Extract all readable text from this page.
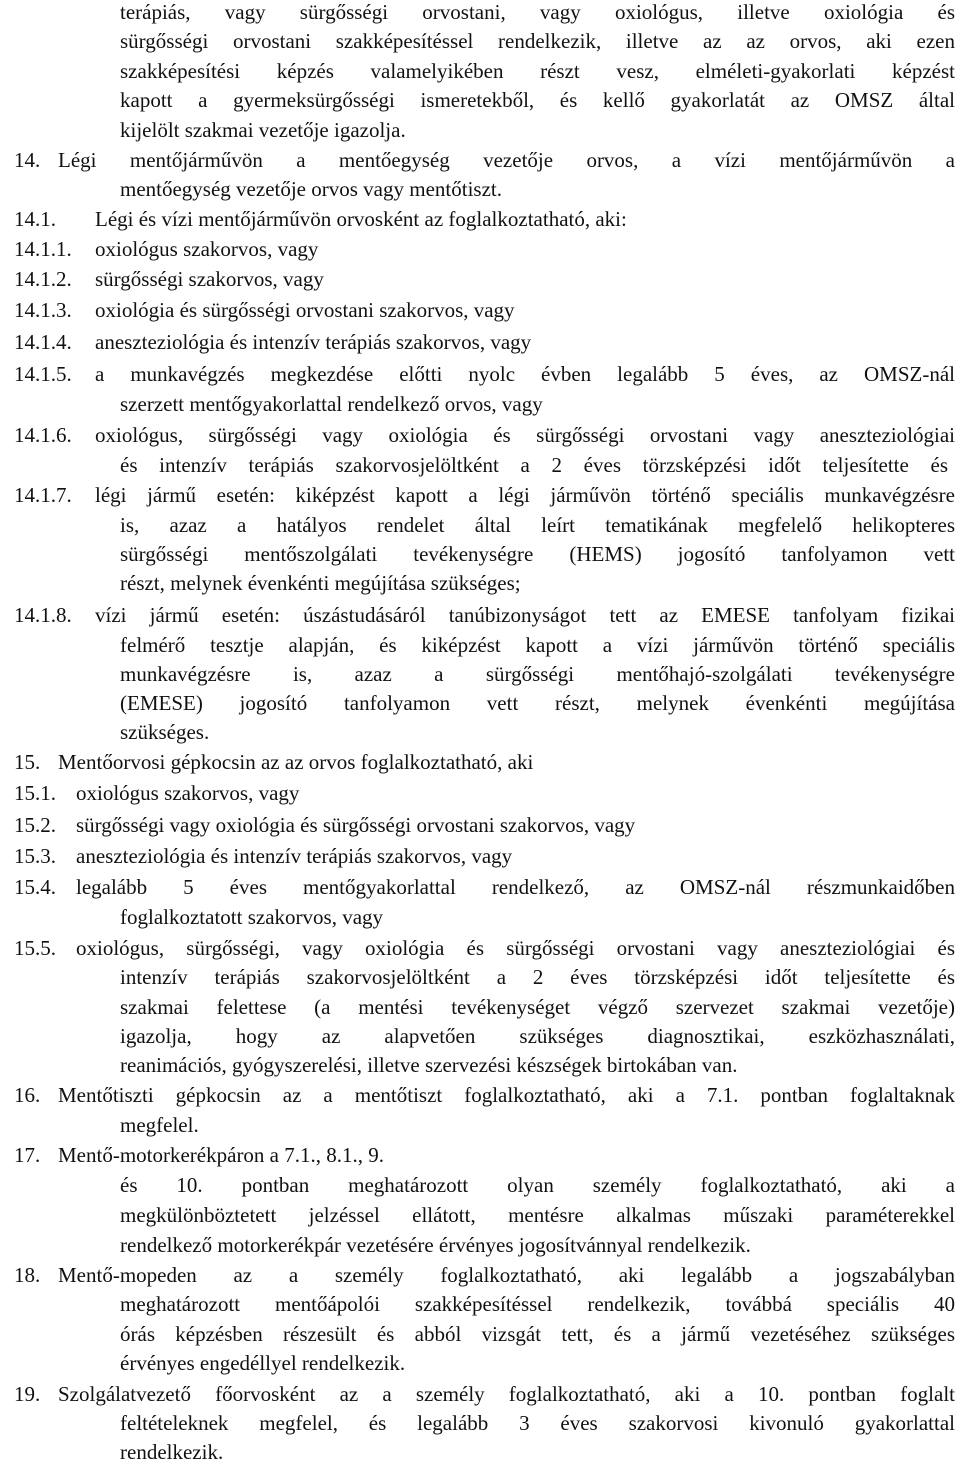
terápiás, vagy sürgősségi orvostani, vagy oxiológus, illetve oxiológia és
sürgősségi orvostani szakképesítéssel rendelkezik, illetve az az orvos, aki ezen
szakképesítési képzés valamelyikében részt vesz, elméleti-gyakorlati képzést
kapott a gyermeksürgősségi ismeretekből, és kellő gyakorlatát az OMSZ által
kijelölt szakmai vezetője igazolja.
14. Légi mentőjárművön a mentőegység vezetője orvos, a vízi mentőjárművön a
mentőegység vezetője orvos vagy mentőtiszt.
14.1. Légi és vízi mentőjárművön orvosként az foglalkoztatható, aki:
14.1.1. oxiológus szakorvos, vagy
14.1.2. sürgősségi szakorvos, vagy
14.1.3. oxiológia és sürgősségi orvostani szakorvos, vagy
14.1.4. aneszteziológia és intenzív terápiás szakorvos, vagy
14.1.5. a munkavégzés megkezdése előtti nyolc évben legalább 5 éves, az OMSZ-nál
szerzett mentőgyakorlattal rendelkező orvos, vagy
14.1.6. oxiológus, sürgősségi vagy oxiológia és sürgősségi orvostani vagy aneszteziológiai
és intenzív terápiás szakorvosjelöltként a 2 éves törzsképzési időt teljesítette és
14.1.7. légi jármű esetén: kiképzést kapott a légi járművön történő speciális munkavégzésre
is, azaz a hatályos rendelet által leírt tematikának megfelelő helikopteres
sürgősségi mentőszolgálati tevékenységre (HEMS) jogosító tanfolyamon vett
részt, melynek évenkénti megújítása szükséges;
14.1.8. vízi jármű esetén: úszástudásáról tanúbizonyságot tett az EMESE tanfolyam fizikai
felmérő tesztje alapján, és kiképzést kapott a vízi járművön történő speciális
munkavégzésre is, azaz a sürgősségi mentőhajó-szolgálati tevékenységre
(EMESE) jogosító tanfolyamon vett részt, melynek évenkénti megújítása
szükséges.
15. Mentőorvosi gépkocsin az az orvos foglalkoztatható, aki
15.1. oxiológus szakorvos, vagy
15.2. sürgősségi vagy oxiológia és sürgősségi orvostani szakorvos, vagy
15.3. aneszteziológia és intenzív terápiás szakorvos, vagy
15.4. legalább 5 éves mentőgyakorlattal rendelkező, az OMSZ-nál részmunkaidőben
foglalkoztatott szakorvos, vagy
15.5. oxiológus, sürgősségi, vagy oxiológia és sürgősségi orvostani vagy aneszteziológiai és
intenzív terápiás szakorvosjelöltként a 2 éves törzsképzési időt teljesítette és
szakmai felettese (a mentési tevékenységet végző szervezet szakmai vezetője)
igazolja, hogy az alapvetően szükséges diagnosztikai, eszközhasználati,
reanimációs, gyógyszerelési, illetve szervezési készségek birtokában van.
16. Mentőtiszti gépkocsin az a mentőtiszt foglalkoztatható, aki a 7.1. pontban foglaltaknak
megfelel.
17. Mentő-motorkerékpáron a 7.1., 8.1., 9.
és 10. pontban meghatározott olyan személy foglalkoztatható, aki a
megkülönböztetett jelzéssel ellátott, mentésre alkalmas műszaki paraméterekkel
rendelkező motorkerékpár vezetésére érvényes jogosítvánnyal rendelkezik.
18. Mentő-mopeden az a személy foglalkoztatható, aki legalább a jogszabályban
meghatározott mentőápolói szakképesítéssel rendelkezik, továbbá speciális 40
órás képzésben részesült és abból vizsgát tett, és a jármű vezetéséhez szükséges
érvényes engedéllyel rendelkezik.
19. Szolgálatvezető főorvosként az a személy foglalkoztatható, aki a 10. pontban foglalt
feltételeknek megfelel, és legalább 3 éves szakorvosi kivonuló gyakorlattal
rendelkezik.
